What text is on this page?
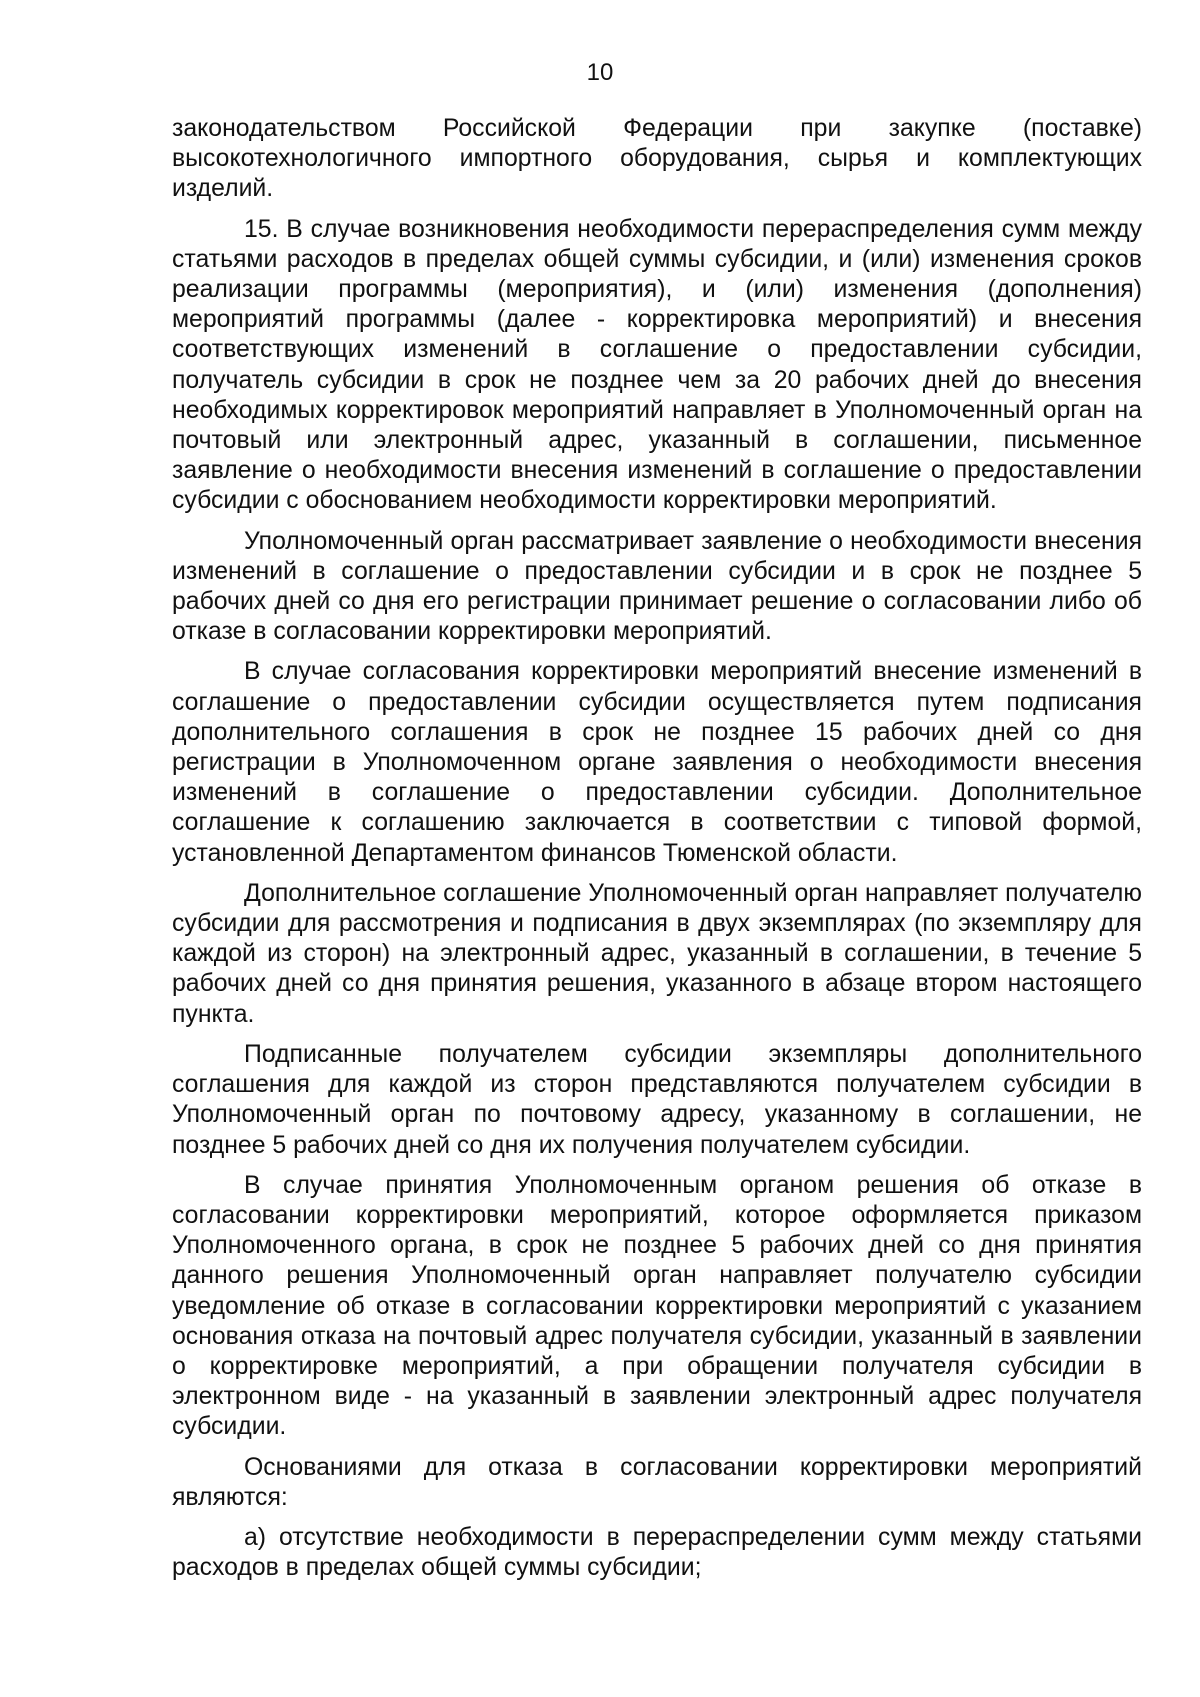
10

законодательством Российской Федерации при закупке (поставке) высокотехнологичного импортного оборудования, сырья и комплектующих изделий.

15. В случае возникновения необходимости перераспределения сумм между статьями расходов в пределах общей суммы субсидии, и (или) изменения сроков реализации программы (мероприятия), и (или) изменения (дополнения) мероприятий программы (далее - корректировка мероприятий) и внесения соответствующих изменений в соглашение о предоставлении субсидии, получатель субсидии в срок не позднее чем за 20 рабочих дней до внесения необходимых корректировок мероприятий направляет в Уполномоченный орган на почтовый или электронный адрес, указанный в соглашении, письменное заявление о необходимости внесения изменений в соглашение о предоставлении субсидии с обоснованием необходимости корректировки мероприятий.

Уполномоченный орган рассматривает заявление о необходимости внесения изменений в соглашение о предоставлении субсидии и в срок не позднее 5 рабочих дней со дня его регистрации принимает решение о согласовании либо об отказе в согласовании корректировки мероприятий.

В случае согласования корректировки мероприятий внесение изменений в соглашение о предоставлении субсидии осуществляется путем подписания дополнительного соглашения в срок не позднее 15 рабочих дней со дня регистрации в Уполномоченном органе заявления о необходимости внесения изменений в соглашение о предоставлении субсидии. Дополнительное соглашение к соглашению заключается в соответствии с типовой формой, установленной Департаментом финансов Тюменской области.

Дополнительное соглашение Уполномоченный орган направляет получателю субсидии для рассмотрения и подписания в двух экземплярах (по экземпляру для каждой из сторон) на электронный адрес, указанный в соглашении, в течение 5 рабочих дней со дня принятия решения, указанного в абзаце втором настоящего пункта.

Подписанные получателем субсидии экземпляры дополнительного соглашения для каждой из сторон представляются получателем субсидии в Уполномоченный орган по почтовому адресу, указанному в соглашении, не позднее 5 рабочих дней со дня их получения получателем субсидии.

В случае принятия Уполномоченным органом решения об отказе в согласовании корректировки мероприятий, которое оформляется приказом Уполномоченного органа, в срок не позднее 5 рабочих дней со дня принятия данного решения Уполномоченный орган направляет получателю субсидии уведомление об отказе в согласовании корректировки мероприятий с указанием основания отказа на почтовый адрес получателя субсидии, указанный в заявлении о корректировке мероприятий, а при обращении получателя субсидии в электронном виде - на указанный в заявлении электронный адрес получателя субсидии.

Основаниями для отказа в согласовании корректировки мероприятий являются:

а) отсутствие необходимости в перераспределении сумм между статьями расходов в пределах общей суммы субсидии;
